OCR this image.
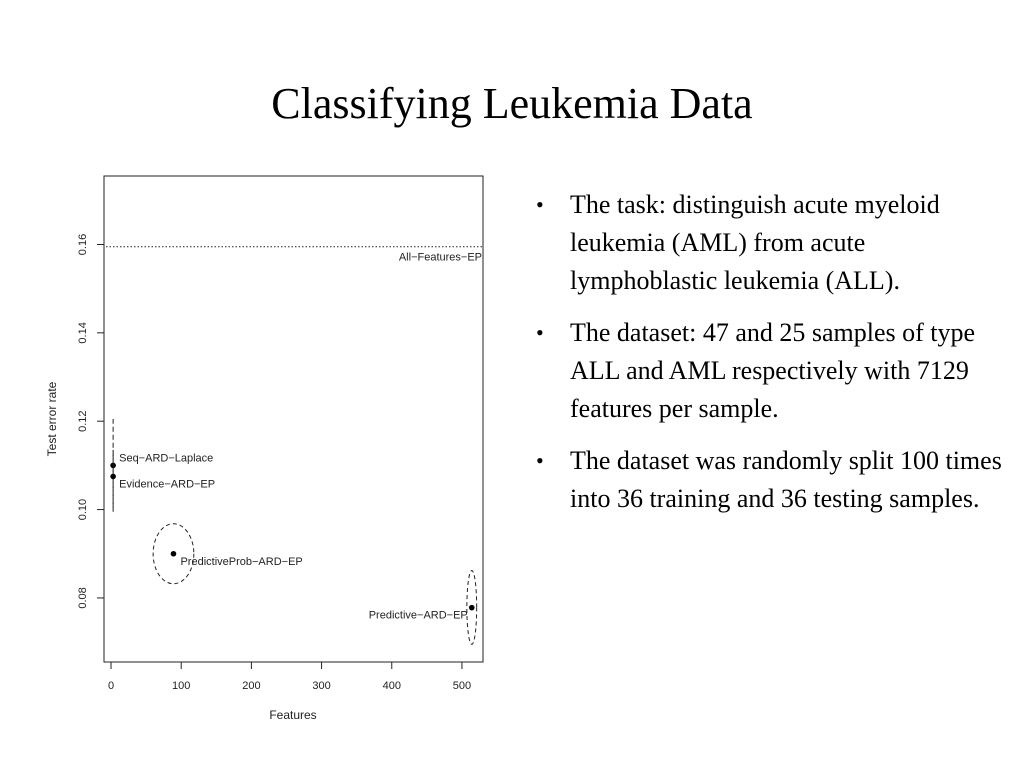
Classifying Leukemia Data
0	100	200	300	400	500
Features
0.08
0.10
0.12
0.14
0.16
Test error rate
All−Features−EP
Seq−ARD−Laplace
Evidence−ARD−EP
PredictiveProb−ARD−EP
Predictive−ARD−EP
• The task: distinguish acute myeloid leukemia (AML) from acute lymphoblastic leukemia (ALL).
• The dataset: 47 and 25 samples of type ALL and AML respectively with 7129 features per sample.
• The dataset was randomly split 100 times into 36 training and 36 testing samples.
